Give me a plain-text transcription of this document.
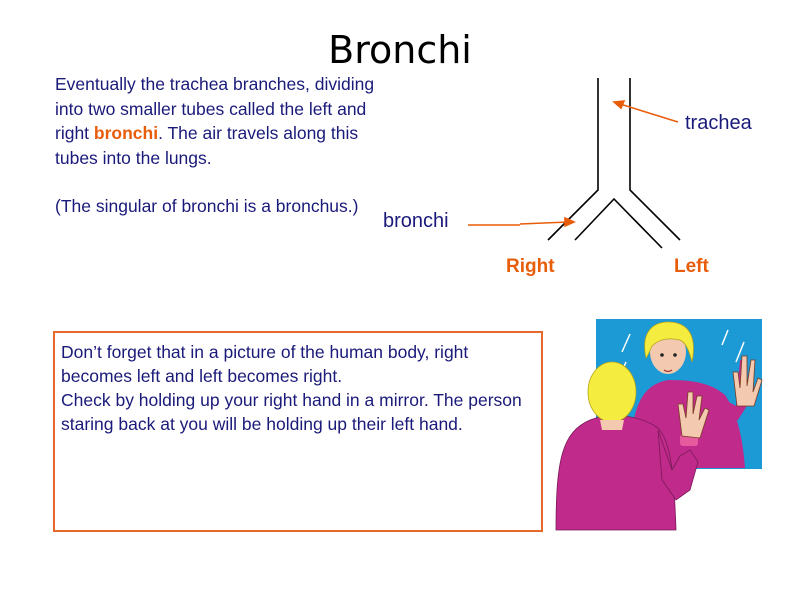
Bronchi

Eventually the trachea branches, dividing into two smaller tubes called the left and right bronchi. The air travels along this tubes into the lungs.

(The singular of bronchi is a bronchus.)

trachea
bronchi
Right	Left

Don’t forget that in a picture of the human body, right becomes left and left becomes right.

Check by holding up your right hand in a mirror. The person staring back at you will be holding up their left hand.
